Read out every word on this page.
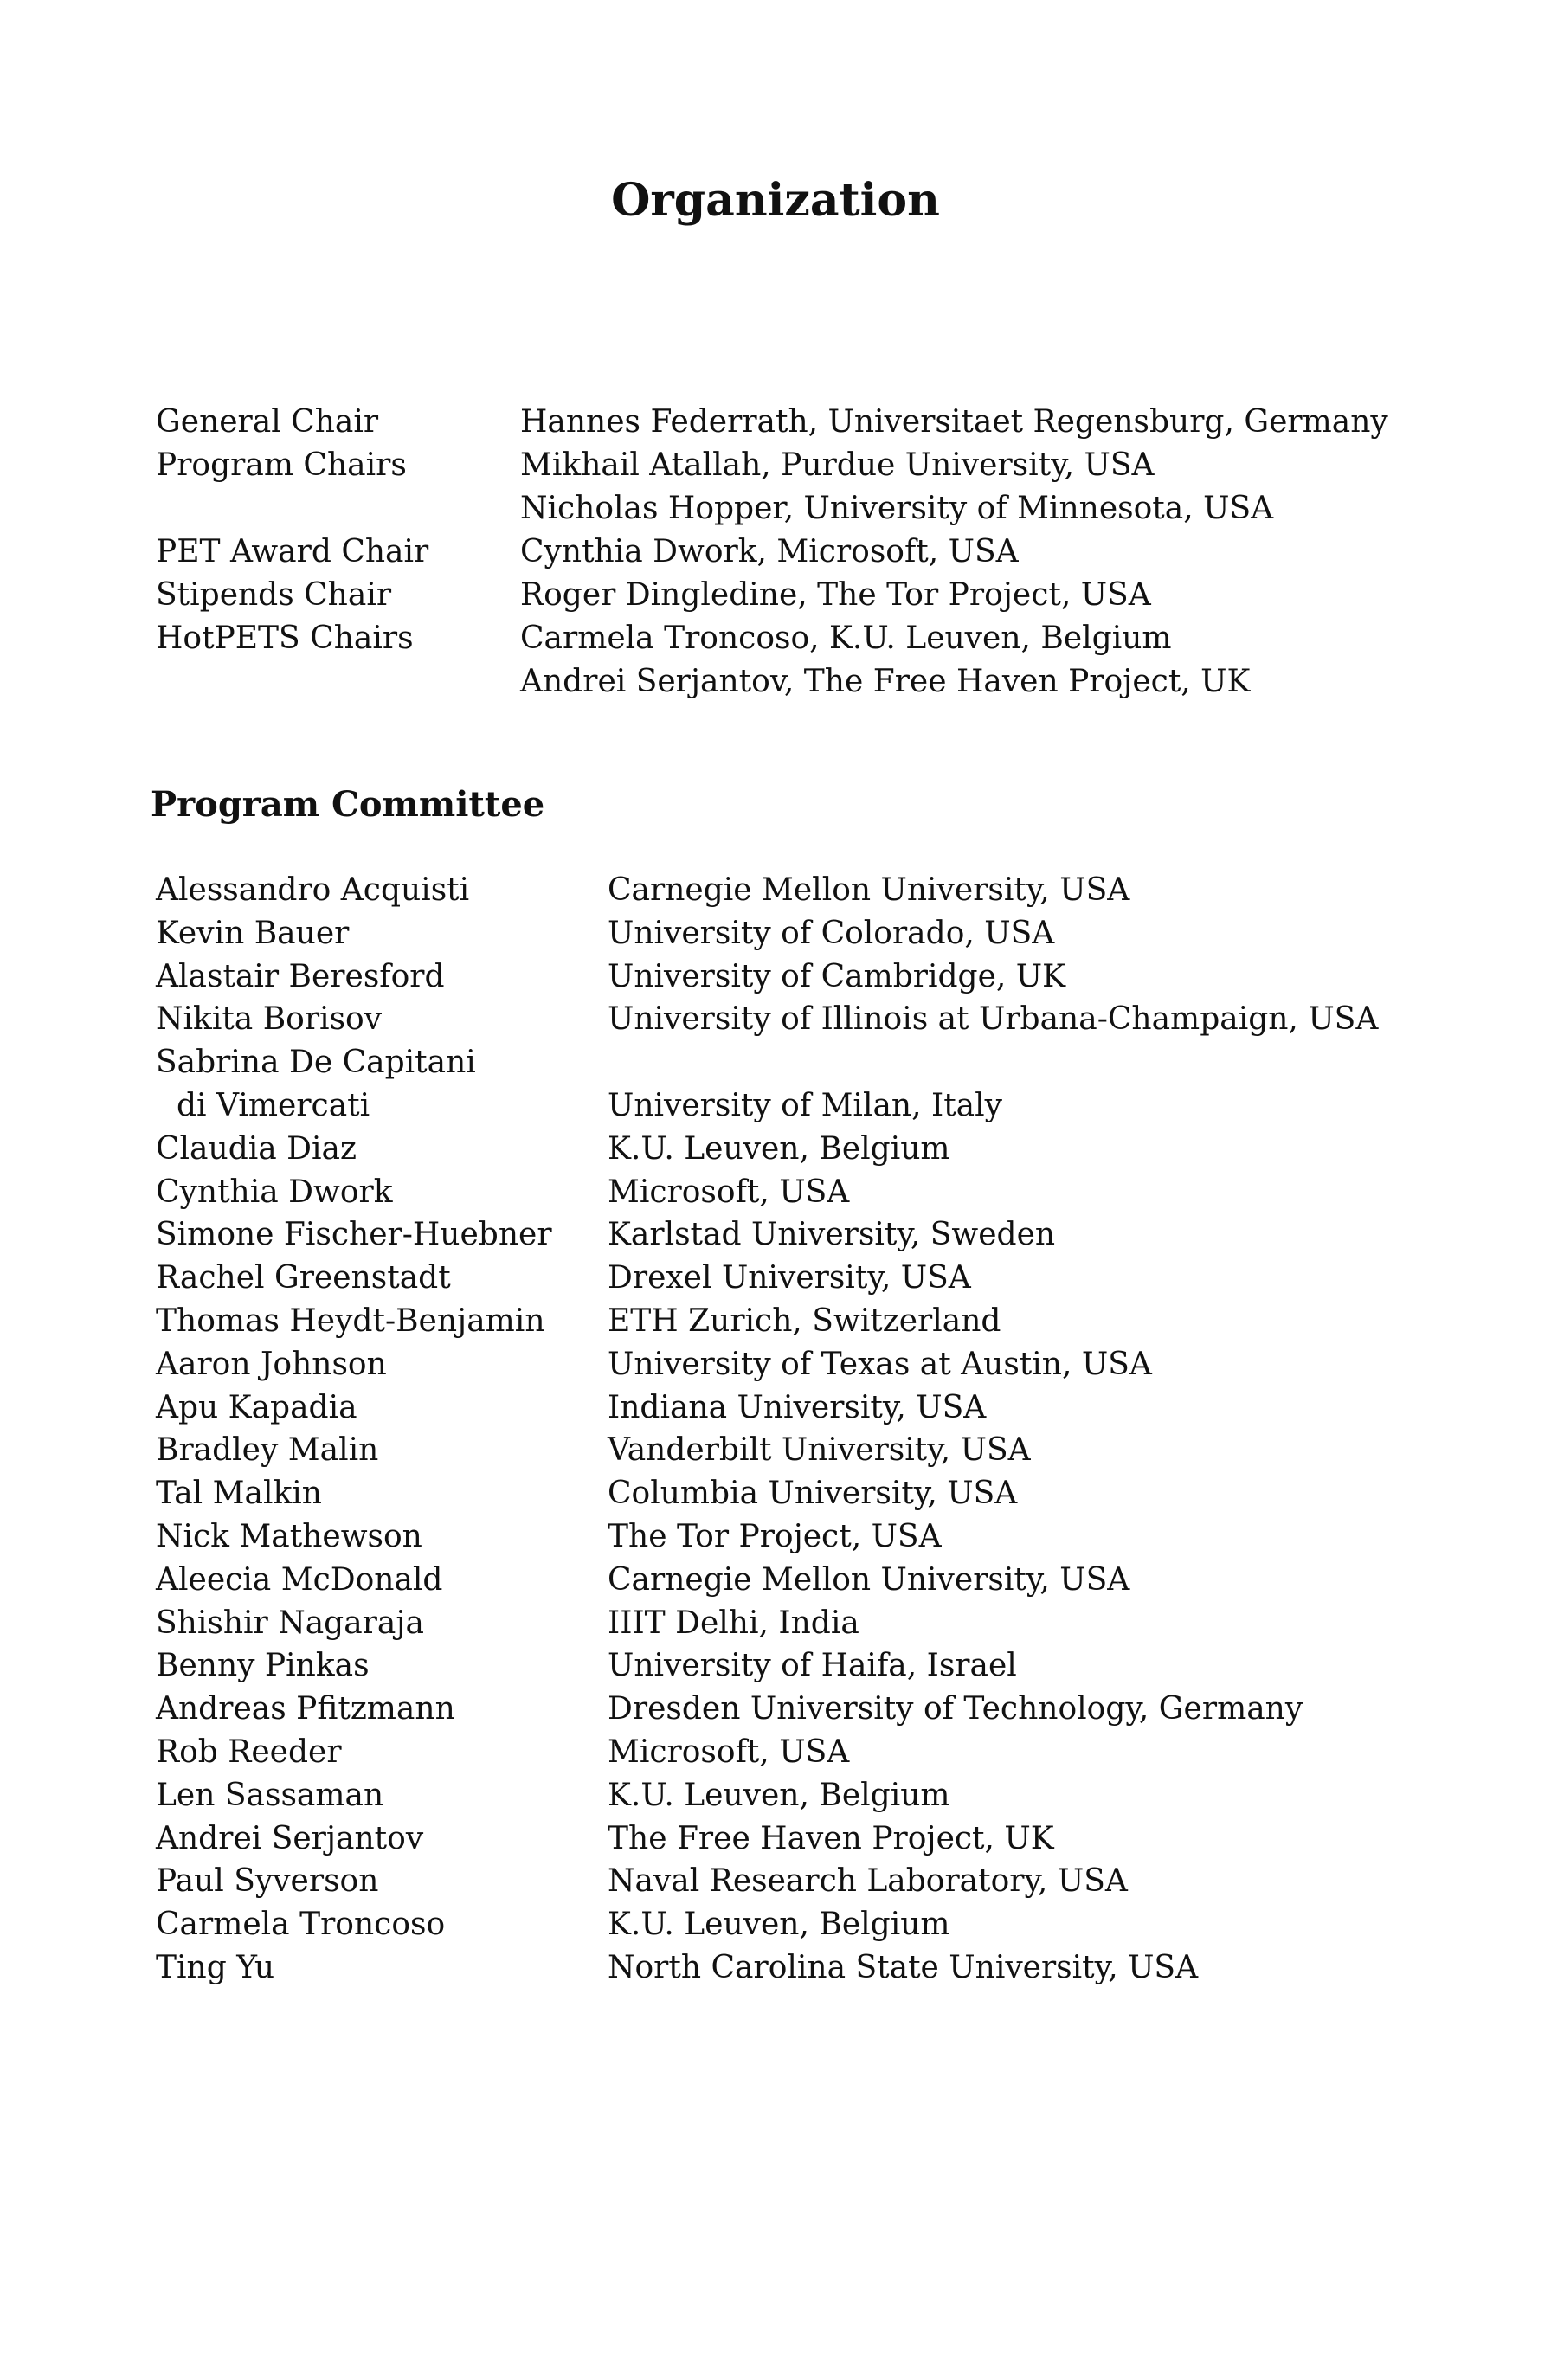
Organization
General Chair	Hannes Federrath, Universitaet Regensburg, Germany
Program Chairs	Mikhail Atallah, Purdue University, USA
Nicholas Hopper, University of Minnesota, USA
PET Award Chair	Cynthia Dwork, Microsoft, USA
Stipends Chair	Roger Dingledine, The Tor Project, USA
HotPETS Chairs	Carmela Troncoso, K.U. Leuven, Belgium
Andrei Serjantov, The Free Haven Project, UK
Program Committee
Alessandro Acquisti	Carnegie Mellon University, USA
Kevin Bauer	University of Colorado, USA
Alastair Beresford	University of Cambridge, UK
Nikita Borisov	University of Illinois at Urbana-Champaign, USA
Sabrina De Capitani
di Vimercati	University of Milan, Italy
Claudia Diaz	K.U. Leuven, Belgium
Cynthia Dwork	Microsoft, USA
Simone Fischer-Huebner Karlstad University, Sweden
Rachel Greenstadt	Drexel University, USA
Thomas Heydt-Benjamin ETH Zurich, Switzerland
Aaron Johnson	University of Texas at Austin, USA
Apu Kapadia	Indiana University, USA
Bradley Malin	Vanderbilt University, USA
Tal Malkin	Columbia University, USA
Nick Mathewson	The Tor Project, USA
Aleecia McDonald	Carnegie Mellon University, USA
Shishir Nagaraja	IIIT Delhi, India
Benny Pinkas	University of Haifa, Israel
Andreas Pfitzmann	Dresden University of Technology, Germany
Rob Reeder	Microsoft, USA
Len Sassaman	K.U. Leuven, Belgium
Andrei Serjantov	The Free Haven Project, UK
Paul Syverson	Naval Research Laboratory, USA
Carmela Troncoso	K.U. Leuven, Belgium
Ting Yu	North Carolina State University, USA
